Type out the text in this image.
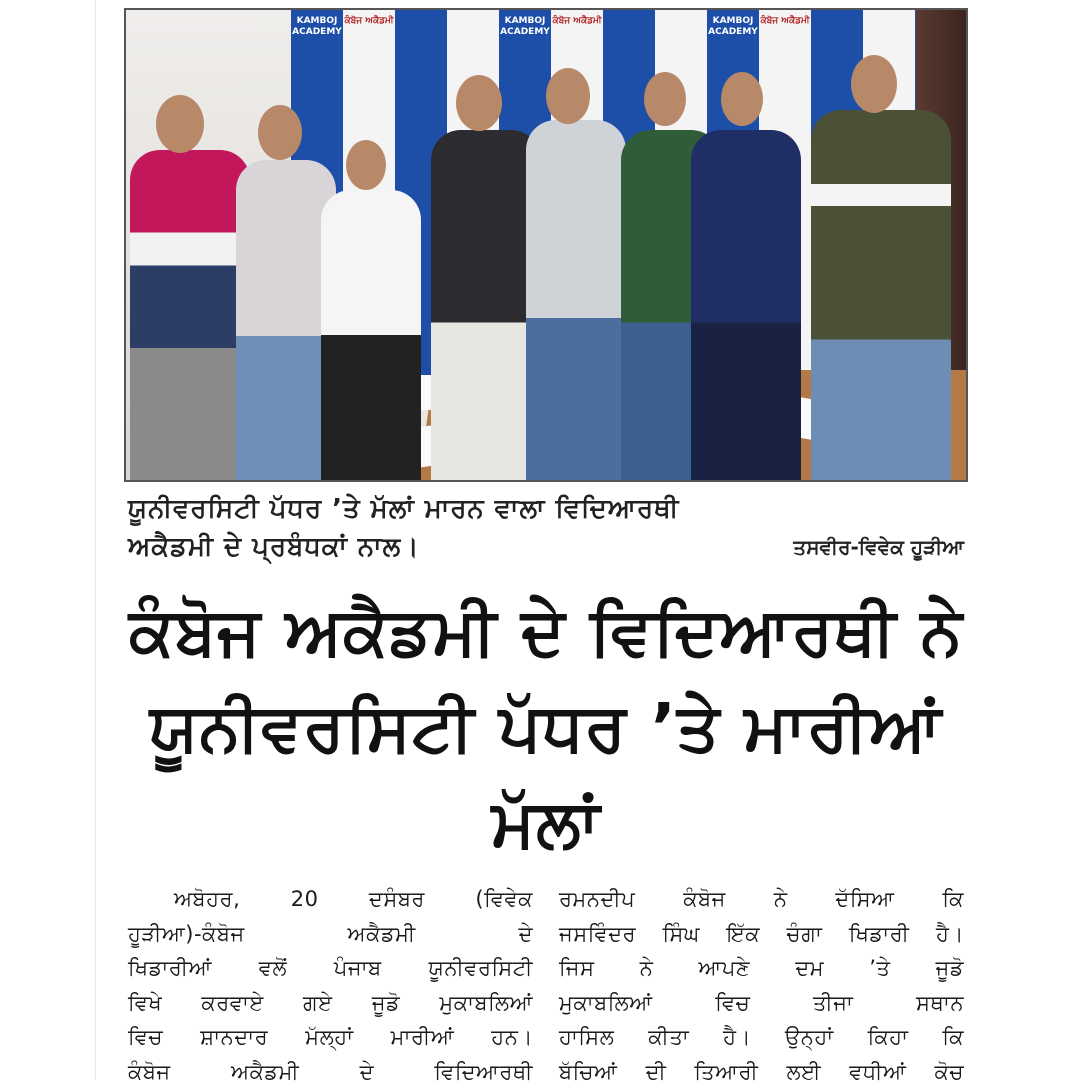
KAMBOJ ACADEMY
ਕੰਬੋਜ ਅਕੈਡਮੀ	KAMBOJ ACADEMY
ਕੰਬੋਜ ਅਕੈਡਮੀ	KAMBOJ ACADEMY
ਕੰਬੋਜ ਅਕੈਡਮੀ
ਯੂਨੀਵਰਸਿਟੀ ਪੱਧਰ ’ਤੇ ਮੱਲਾਂ ਮਾਰਨ ਵਾਲਾ ਵਿਦਿਆਰਥੀ
ਅਕੈਡਮੀ ਦੇ ਪ੍ਰਬੰਧਕਾਂ ਨਾਲ।	ਤਸਵੀਰ-ਵਿਵੇਕ ਹੂੜੀਆ
ਕੰਬੋਜ ਅਕੈਡਮੀ ਦੇ ਵਿਦਿਆਰਥੀ ਨੇ
ਯੂਨੀਵਰਸਿਟੀ ਪੱਧਰ ’ਤੇ ਮਾਰੀਆਂ ਮੱਲਾਂ
ਅਬੋਹਰ, 20 ਦਸੰਬਰ (ਵਿਵੇਕ
ਹੂੜੀਆ)-ਕੰਬੋਜ ਅਕੈਡਮੀ ਦੇ
ਖਿਡਾਰੀਆਂ ਵਲੋਂ ਪੰਜਾਬ ਯੂਨੀਵਰਸਿਟੀ
ਵਿਖੇ ਕਰਵਾਏ ਗਏ ਜੂਡੋ ਮੁਕਾਬਲਿਆਂ
ਵਿਚ ਸ਼ਾਨਦਾਰ ਮੱਲ੍ਹਾਂ ਮਾਰੀਆਂ ਹਨ।
ਕੰਬੋਜ ਅਕੈਡਮੀ ਦੇ ਵਿਦਿਆਰਥੀ
ਰਮਨਦੀਪ ਕੰਬੋਜ ਨੇ ਦੱਸਿਆ ਕਿ
ਜਸਵਿੰਦਰ ਸਿੰਘ ਇੱਕ ਚੰਗਾ ਖਿਡਾਰੀ ਹੈ।
ਜਿਸ ਨੇ ਆਪਣੇ ਦਮ ’ਤੇ ਜੂਡੋ
ਮੁਕਾਬਲਿਆਂ ਵਿਚ ਤੀਜਾ ਸਥਾਨ
ਹਾਸਿਲ ਕੀਤਾ ਹੈ। ਉਨ੍ਹਾਂ ਕਿਹਾ ਕਿ
ਬੱਚਿਆਂ ਦੀ ਤਿਆਰੀ ਲਈ ਵਧੀਆਂ ਕੋਚ
